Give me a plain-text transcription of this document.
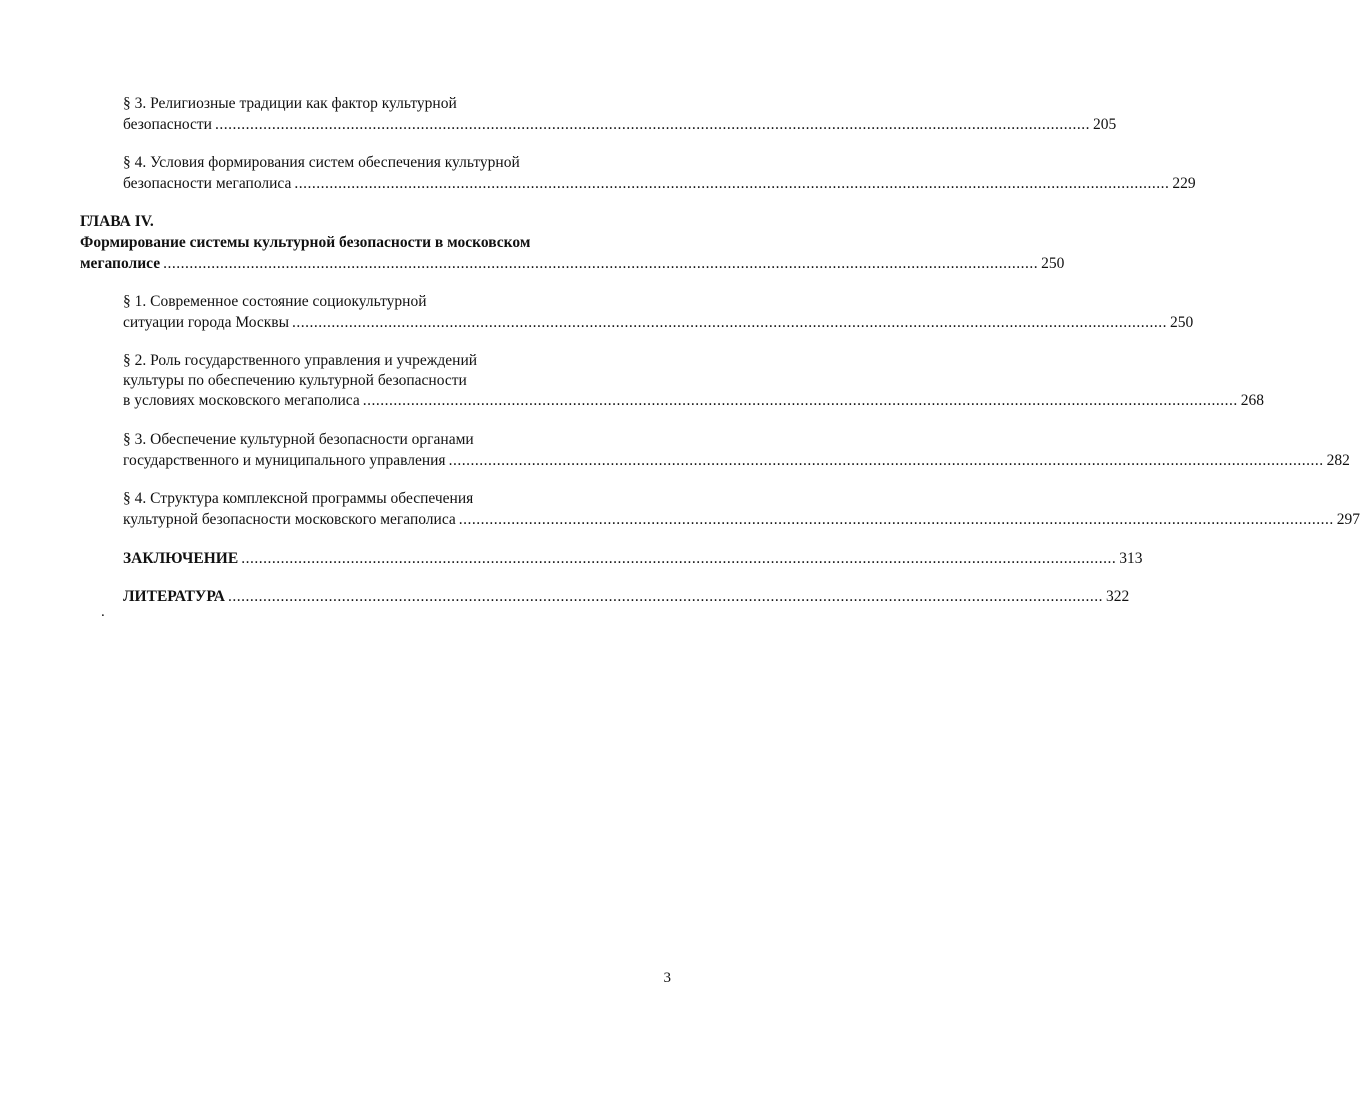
§ 3. Религиозные традиции как фактор культурной
безопасности ........................................................................................................................................................................................................ 205
§ 4. Условия формирования систем обеспечения культурной
безопасности мегаполиса ........................................................................................................................................................................................................ 229
ГЛАВА IV.
Формирование системы культурной безопасности в московском
мегаполисе ........................................................................................................................................................................................................ 250
§ 1. Современное состояние социокультурной
ситуации города Москвы ........................................................................................................................................................................................................ 250
§ 2. Роль государственного управления и учреждений
культуры по обеспечению культурной безопасности
в условиях московского мегаполиса ........................................................................................................................................................................................................ 268
§ 3. Обеспечение культурной безопасности органами
государственного и муниципального управления ........................................................................................................................................................................................................ 282
§ 4. Структура комплексной программы обеспечения
культурной безопасности московского мегаполиса ........................................................................................................................................................................................................ 297
ЗАКЛЮЧЕНИЕ ........................................................................................................................................................................................................ 313
ЛИТЕРАТУРА ........................................................................................................................................................................................................ 322
.
3
